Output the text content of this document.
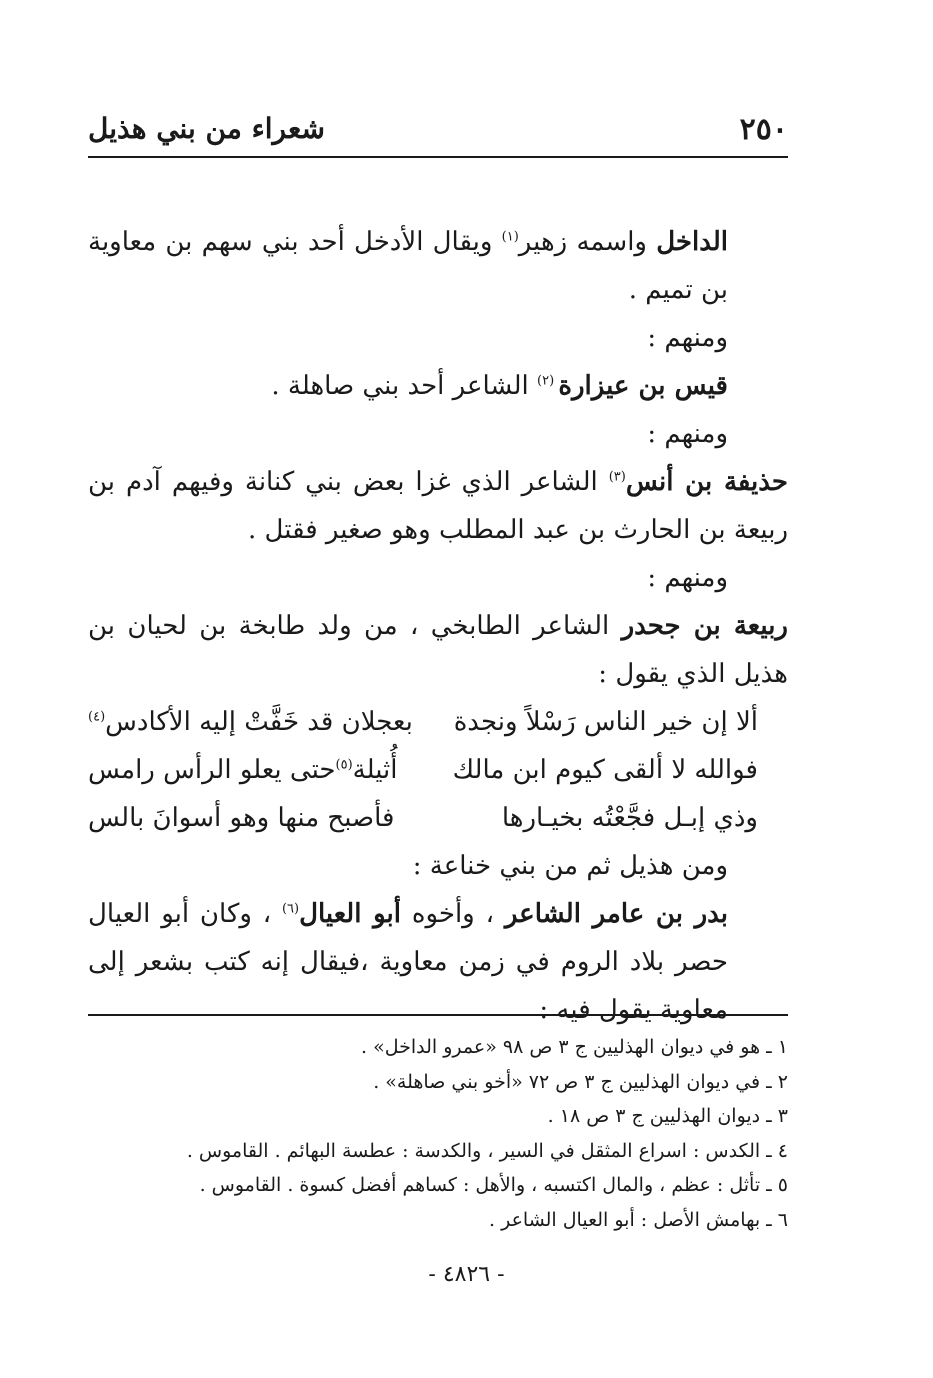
٢٥٠
شعراء من بني هذيل

الداخل واسمه زهير$^{(١)}$ ويقال الأدخل أحد بني سهم بن معاوية بن تميم .

ومنهم :

قيس بن عيزارة $^{(٢)}$ الشاعر أحد بني صاهلة .

ومنهم :

حذيفة بن أنس$^{(٣)}$ الشاعر الذي غزا بعض بني كنانة وفيهم آدم بن ربيعة بن الحارث بن عبد المطلب وهو صغير فقتل .

ومنهم :

ربيعة بن جحدر الشاعر الطابخي ، من ولد طابخة بن لحيان بن هذيل الذي يقول :

ألا إن خير الناس رَسْلاً ونجدة
بعجلان قد خَفَّتْ إليه الأكادس$^{(٤)}$
فوالله لا ألقى كيوم ابن مالك
أُثيلة$^{(٥)}$حتى يعلو الرأس رامس
وذي إبـل فجَّعْتُه بخيـارها
فأصبح منها وهو أسوانَ بالس

ومن هذيل ثم من بني خناعة :

بدر بن عامر الشاعر ، وأخوه أبو العيال$^{(٦)}$ ، وكان أبو العيال حصر بلاد الروم في زمن معاوية ،فيقال إنه كتب بشعر إلى معاوية يقول فيه :

١ ـ هو في ديوان الهذليين ج ٣ ص ٩٨ «عمرو الداخل» .
٢ ـ في ديوان الهذليين ج ٣ ص ٧٢ «أخو بني صاهلة» .
٣ ـ ديوان الهذليين ج ٣ ص ١٨ .
٤ ـ الكدس : اسراع المثقل في السير ، والكدسة : عطسة البهائم . القاموس .
٥ ـ تأثل : عظم ، والمال اكتسبه ، والأهل : كساهم أفضل كسوة . القاموس .
٦ ـ بهامش الأصل : أبو العيال الشاعر .
- ٤٨٢٦ -
